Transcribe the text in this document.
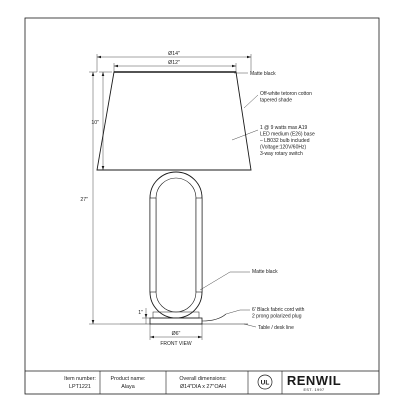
Ø14"
Ø12"
10"
27"
1"
Ø6"
FRONT VIEW
Matte black
Off-white tetoron cotton tapered shade
1 @ 9 watts max A19 LED medium (E26) base – LB032 bulb included (Voltage:120V/60Hz) 3-way rotary switch
Matte black
6' Black fabric cord with 2 prong polarized plug
Table / desk line
Item number:
LPT1221
Product name:
Alaya
Overall dimensions:
Ø14"DIA x 27"OAH
UL RENWIL
EST. 1997
